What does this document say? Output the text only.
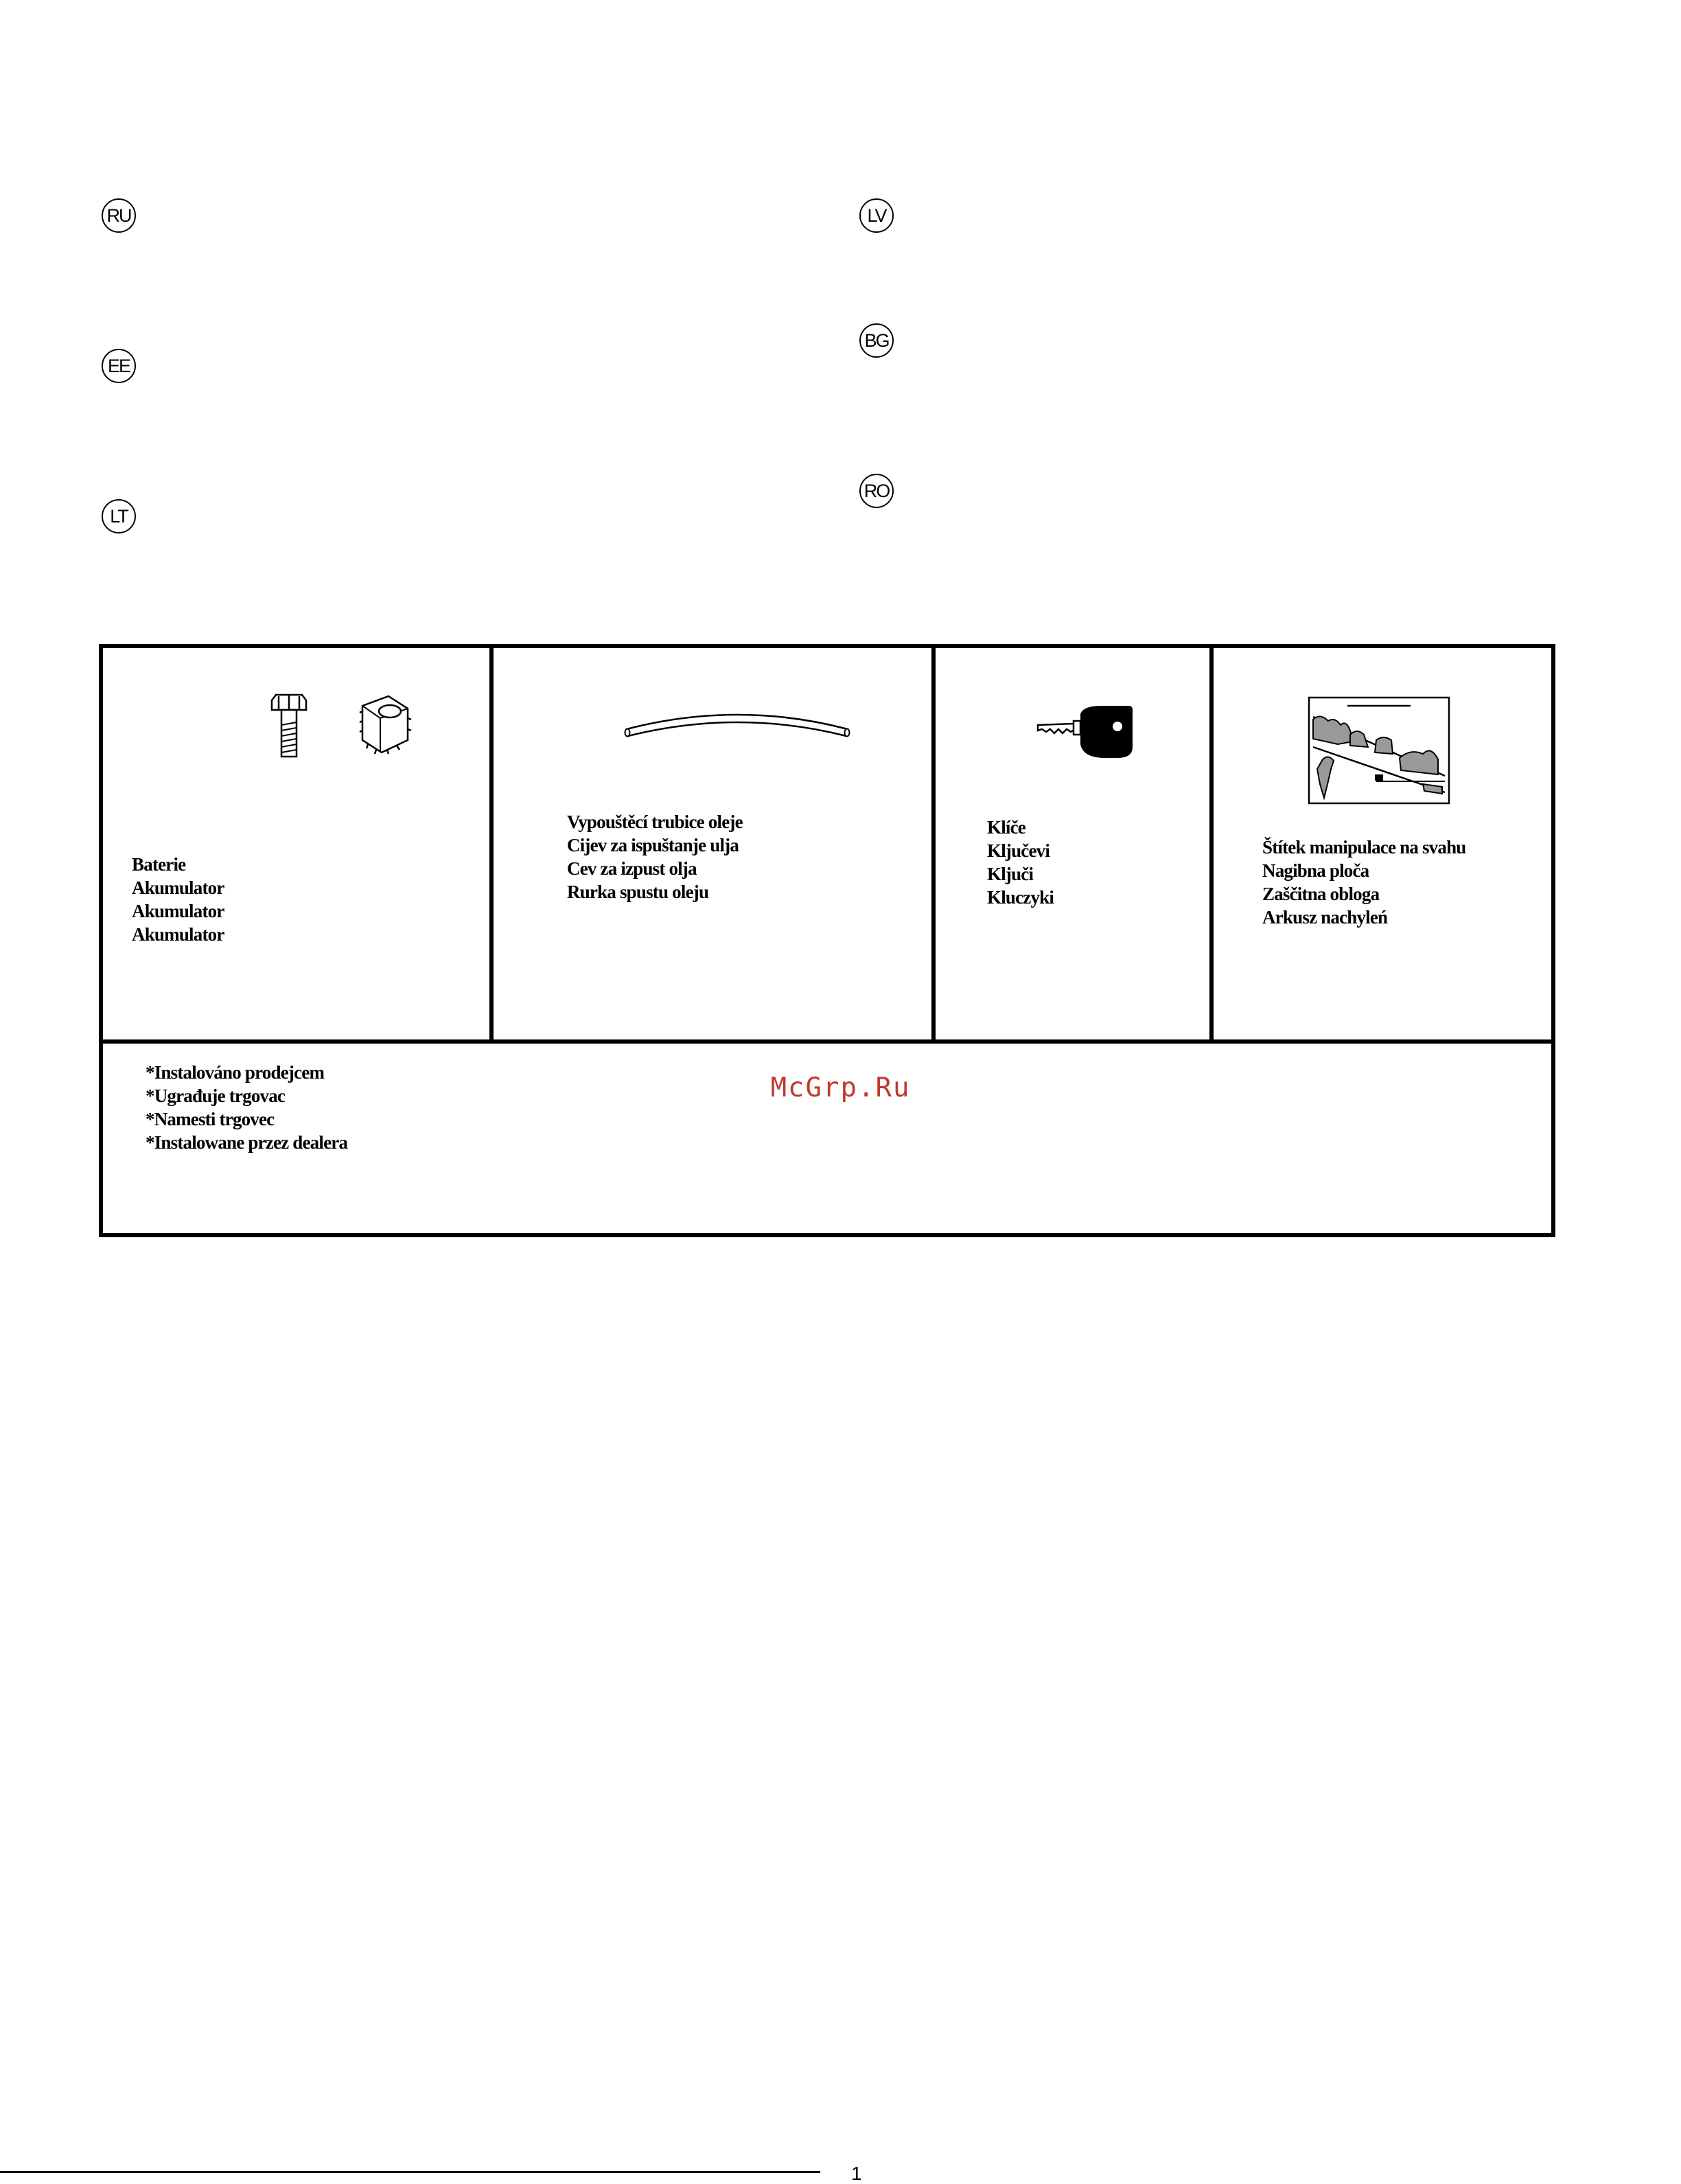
RU
EE
LT
LV
BG
RO
Baterie
Akumulator
Akumulator
Akumulator
Vypouštěcí trubice oleje
Cijev za ispuštanje ulja
Cev za izpust olja
Rurka spustu oleju
Klíče
Ključevi
Ključi
Kluczyki
Štítek manipulace na svahu
Nagibna ploča
Zaščitna obloga
Arkusz nachyleń
*Instalováno prodejcem
*Ugrađuje trgovac
*Namesti trgovec
*Instalowane przez dealera
McGrp.Ru
1
